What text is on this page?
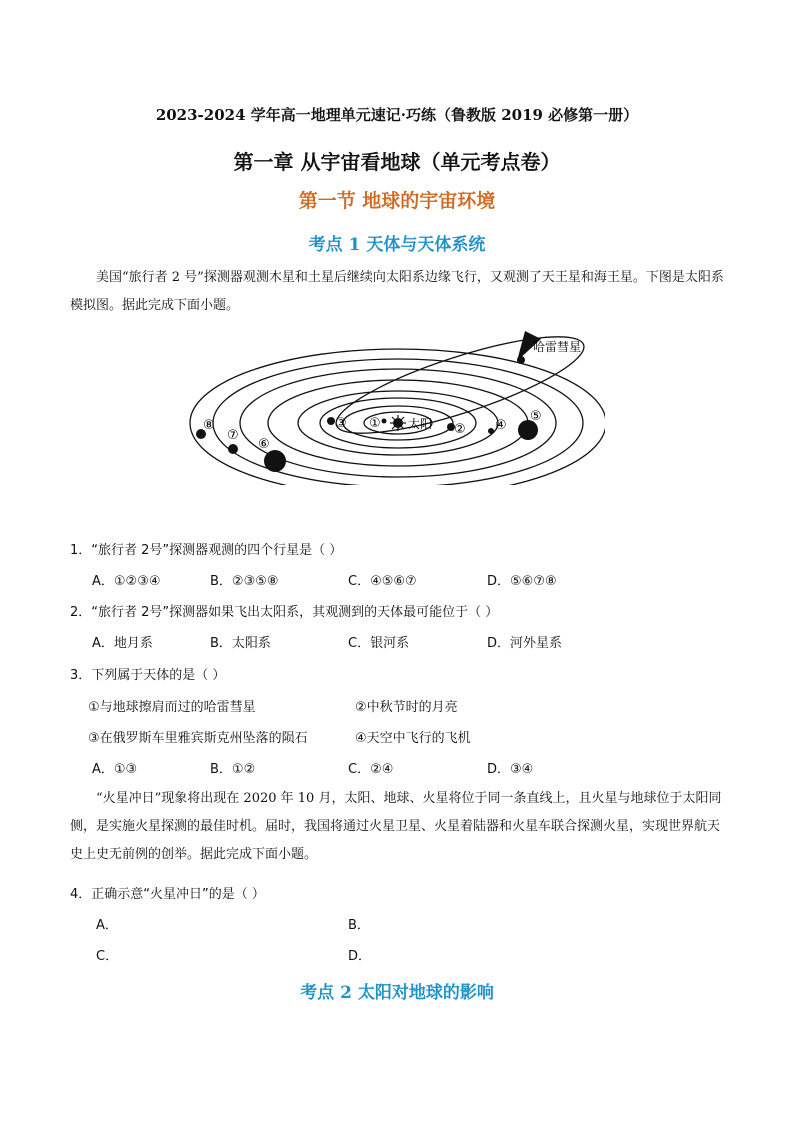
2023-2024 学年高一地理单元速记·巧练（鲁教版 2019 必修第一册）
第一章 从宇宙看地球（单元考点卷）
第一节 地球的宇宙环境
考点 1 天体与天体系统
美国“旅行者 2 号”探测器观测木星和土星后继续向太阳系边缘飞行，又观测了天王星和海王星。下图是太阳系模拟图。据此完成下面小题。
哈雷彗星
太阳
①	②
③	④
⑤
⑥
⑦
⑧
1．“旅行者 2号”探测器观测的四个行星是（ ）
A．①②③④	B．②③⑤⑧	C．④⑤⑥⑦	D．⑤⑥⑦⑧
2．“旅行者 2号”探测器如果飞出太阳系，其观测到的天体最可能位于（ ）
A．地月系	B．太阳系	C．银河系	D．河外星系
3．下列属于天体的是（ ）
①与地球擦肩而过的哈雷彗星	②中秋节时的月亮
③在俄罗斯车里雅宾斯克州坠落的陨石	④天空中飞行的飞机
A．①③	B．①②	C．②④	D．③④
“火星冲日”现象将出现在 2020 年 10 月，太阳、地球、火星将位于同一条直线上，且火星与地球位于太阳同侧，是实施火星探测的最佳时机。届时，我国将通过火星卫星、火星着陆器和火星车联合探测火星，实现世界航天史上史无前例的创举。据此完成下面小题。
4．正确示意“火星冲日”的是（ ）
A．	B．
C．	D．
考点 2 太阳对地球的影响
